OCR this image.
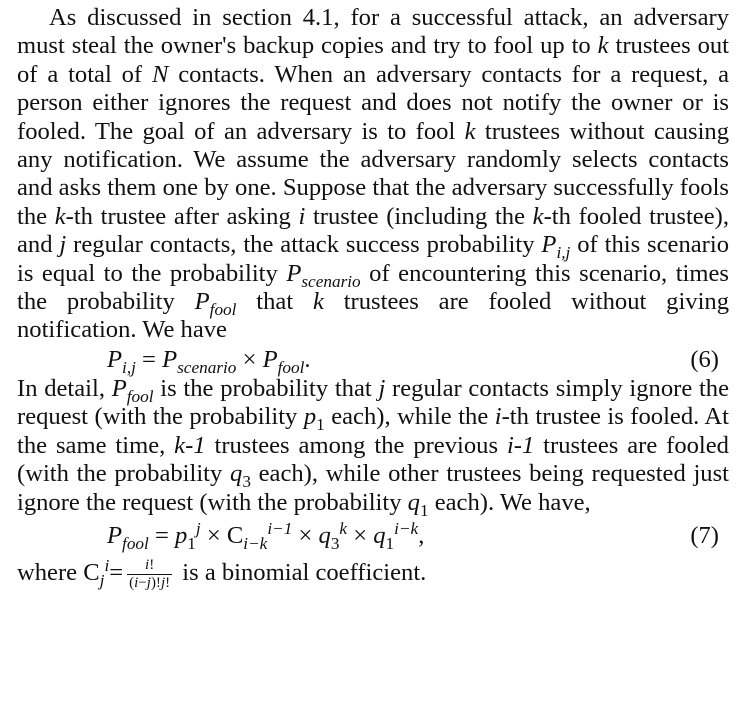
As discussed in section 4.1, for a successful attack, an adversary must steal the owner's backup copies and try to fool up to k trustees out of a total of N contacts. When an adversary contacts for a request, a person either ignores the request and does not notify the owner or is fooled. The goal of an adversary is to fool k trustees without causing any notification. We assume the adversary randomly selects contacts and asks them one by one. Suppose that the adversary successfully fools the k-th trustee after asking i trustee (including the k-th fooled trustee), and j regular contacts, the attack success probability $P_{i,j}$ of this scenario is equal to the probability $P_{scenario}$ of encountering this scenario, times the probability $P_{fool}$ that k trustees are fooled without giving notification. We have

$P_{i,j} = P_{scenario} \times P_{fool}$.	(6)

In detail, $P_{fool}$ is the probability that j regular contacts simply ignore the request (with the probability $p_1$ each), while the i-th trustee is fooled. At the same time, k-1 trustees among the previous i-1 trustees are fooled (with the probability $q_3$ each), while other trustees being requested just ignore the request (with the probability $q_1$ each). We have,

$P_{fool} = p_1^j \times C_{i-k}^{i-1} \times q_3^k \times q_1^{i-k}$,	(7)
where $C_j^i= \frac{i!}{(i-j)!j!}$ is a binomial coefficient.
